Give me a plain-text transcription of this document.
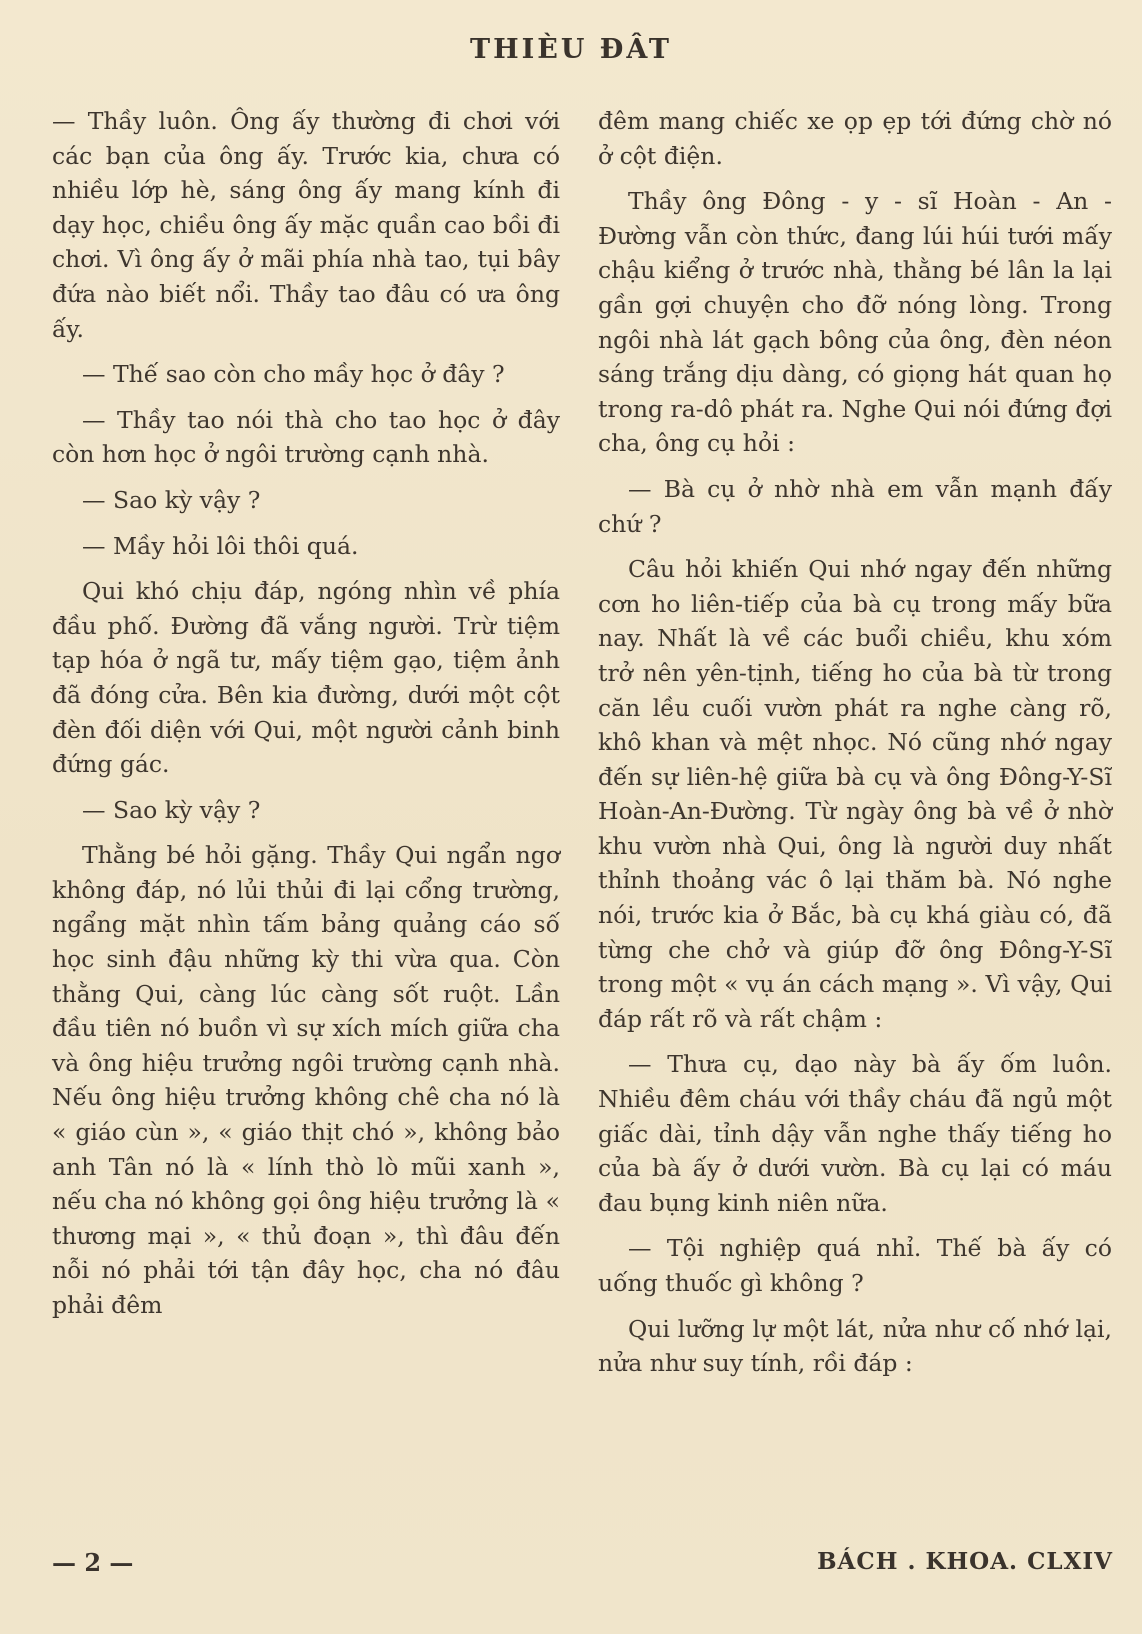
THIÈU ĐÂT

— Thầy luôn. Ông ấy thường đi chơi với các bạn của ông ấy. Trước kia, chưa có nhiều lớp hè, sáng ông ấy mang kính đi dạy học, chiều ông ấy mặc quần cao bồi đi chơi. Vì ông ấy ở mãi phía nhà tao, tụi bây đứa nào biết nổi. Thầy tao đâu có ưa ông ấy.

— Thế sao còn cho mầy học ở đây ?

— Thầy tao nói thà cho tao học ở đây còn hơn học ở ngôi trường cạnh nhà.

— Sao kỳ vậy ?

— Mầy hỏi lôi thôi quá.

Qui khó chịu đáp, ngóng nhìn về phía đầu phố. Đường đã vắng người. Trừ tiệm tạp hóa ở ngã tư, mấy tiệm gạo, tiệm ảnh đã đóng cửa. Bên kia đường, dưới một cột đèn đối diện với Qui, một người cảnh binh đứng gác.

— Sao kỳ vậy ?

Thằng bé hỏi gặng. Thầy Qui ngẩn ngơ không đáp, nó lủi thủi đi lại cổng trường, ngẩng mặt nhìn tấm bảng quảng cáo số học sinh đậu những kỳ thi vừa qua. Còn thằng Qui, càng lúc càng sốt ruột. Lần đầu tiên nó buồn vì sự xích mích giữa cha và ông hiệu trưởng ngôi trường cạnh nhà. Nếu ông hiệu trưởng không chê cha nó là « giáo cùn », « giáo thịt chó », không bảo anh Tân nó là « lính thò lò mũi xanh », nếu cha nó không gọi ông hiệu trưởng là « thương mại », « thủ đoạn », thì đâu đến nỗi nó phải tới tận đây học, cha nó đâu phải đêm

đêm mang chiếc xe ọp ẹp tới đứng chờ nó ở cột điện.

Thầy ông Đông - y - sĩ Hoàn - An - Đường vẫn còn thức, đang lúi húi tưới mấy chậu kiểng ở trước nhà, thằng bé lân la lại gần gợi chuyện cho đỡ nóng lòng. Trong ngôi nhà lát gạch bông của ông, đèn néon sáng trắng dịu dàng, có giọng hát quan họ trong ra-dô phát ra. Nghe Qui nói đứng đợi cha, ông cụ hỏi :

— Bà cụ ở nhờ nhà em vẫn mạnh đấy chứ ?

Câu hỏi khiến Qui nhớ ngay đến những cơn ho liên-tiếp của bà cụ trong mấy bữa nay. Nhất là về các buổi chiều, khu xóm trở nên yên-tịnh, tiếng ho của bà từ trong căn lều cuối vườn phát ra nghe càng rõ, khô khan và mệt nhọc. Nó cũng nhớ ngay đến sự liên-hệ giữa bà cụ và ông Đông-Y-Sĩ Hoàn-An-Đường. Từ ngày ông bà về ở nhờ khu vườn nhà Qui, ông là người duy nhất thỉnh thoảng vác ô lại thăm bà. Nó nghe nói, trước kia ở Bắc, bà cụ khá giàu có, đã từng che chở và giúp đỡ ông Đông-Y-Sĩ trong một « vụ án cách mạng ». Vì vậy, Qui đáp rất rõ và rất chậm :

— Thưa cụ, dạo này bà ấy ốm luôn. Nhiều đêm cháu với thầy cháu đã ngủ một giấc dài, tỉnh dậy vẫn nghe thấy tiếng ho của bà ấy ở dưới vườn. Bà cụ lại có máu đau bụng kinh niên nữa.

— Tội nghiệp quá nhỉ. Thế bà ấy có uống thuốc gì không ?

Qui lưỡng lự một lát, nửa như cố nhớ lại, nửa như suy tính, rồi đáp :

— 2 —	BÁCH . KHOA. CLXIV
